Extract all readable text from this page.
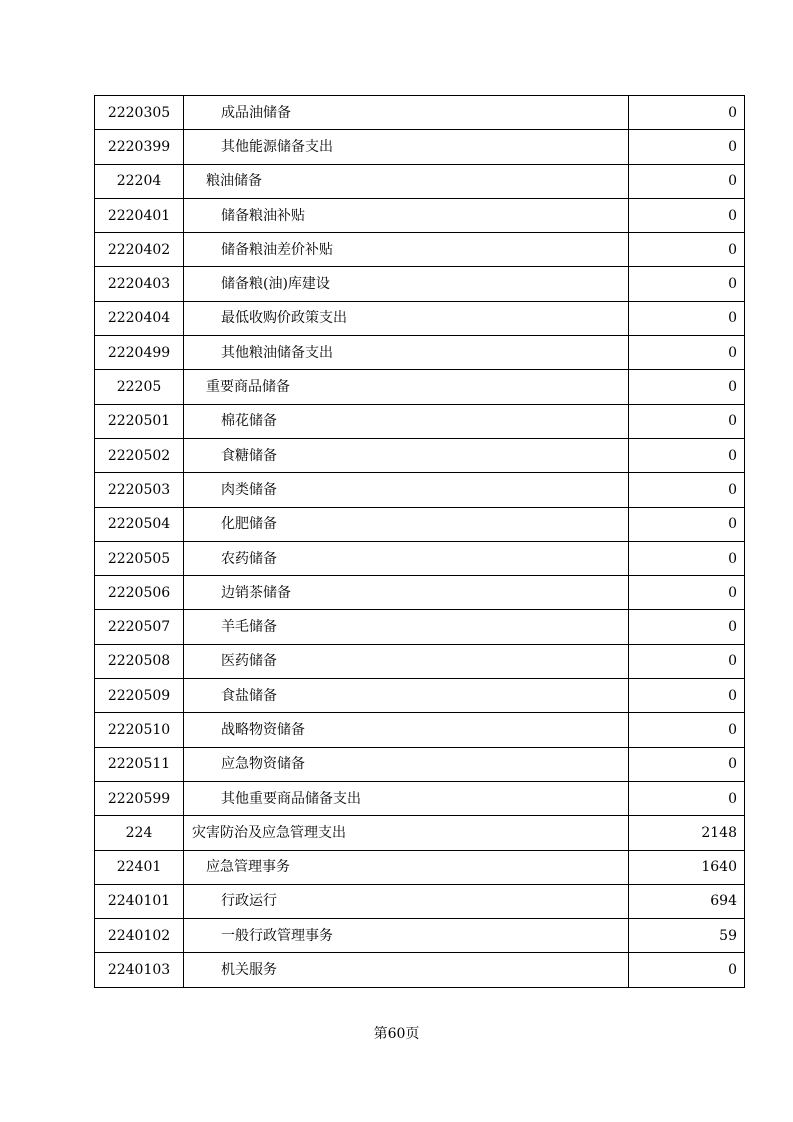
2220305	成品油储备	0
2220399	其他能源储备支出	0
22204	粮油储备	0
2220401	储备粮油补贴	0
2220402	储备粮油差价补贴	0
2220403	储备粮(油)库建设	0
2220404	最低收购价政策支出	0
2220499	其他粮油储备支出	0
22205	重要商品储备	0
2220501	棉花储备	0
2220502	食糖储备	0
2220503	肉类储备	0
2220504	化肥储备	0
2220505	农药储备	0
2220506	边销茶储备	0
2220507	羊毛储备	0
2220508	医药储备	0
2220509	食盐储备	0
2220510	战略物资储备	0
2220511	应急物资储备	0
2220599	其他重要商品储备支出	0
224	灾害防治及应急管理支出	2148
22401	应急管理事务	1640
2240101	行政运行	694
2240102	一般行政管理事务	59
2240103	机关服务	0
第60页
